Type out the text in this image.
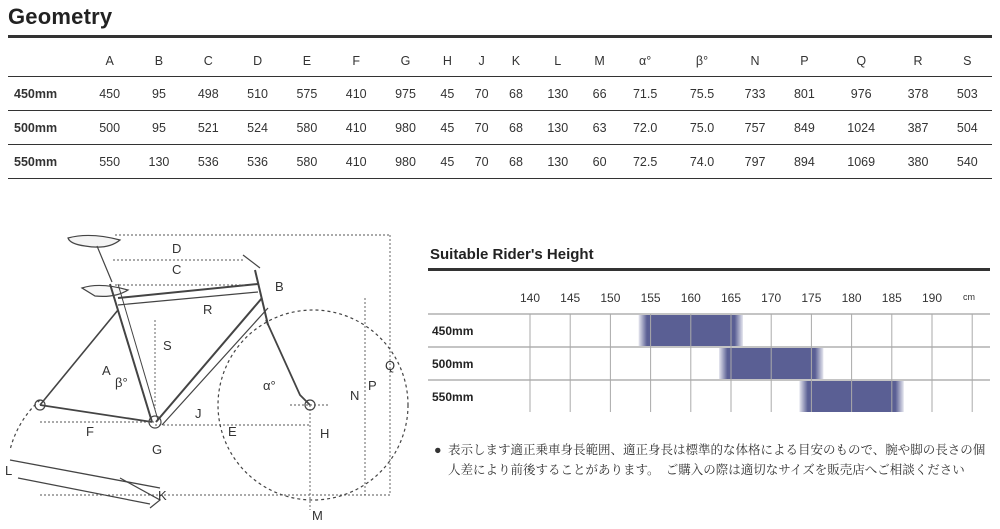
Geometry
	A	B	C	D	E	F	G	H	J	K	L	M	α°	β°	N	P	Q	R	S
450mm	450	95	498	510	575	410	975	45	70	68	130	66	71.5	75.5	733	801	976	378	503
500mm	500	95	521	524	580	410	980	45	70	68	130	63	72.0	75.0	757	849	1024	387	504
550mm	550	130	536	536	580	410	980	45	70	68	130	60	72.5	74.0	797	894	1069	380	540
D
C
B
R
S
A
β°	α°
Q
P
N
J
F	E	H
G
L
K
M
Suitable Rider's Height
140 145 150 155 160 165 170 175 180 185 190 cm
450mm
500mm
550mm
● 表示します適正乗車身長範囲、適正身長は標準的な体格による目安のもので、腕や脚の長さの個人差により前後することがあります。　ご購入の際は適切なサイズを販売店へご相談ください
